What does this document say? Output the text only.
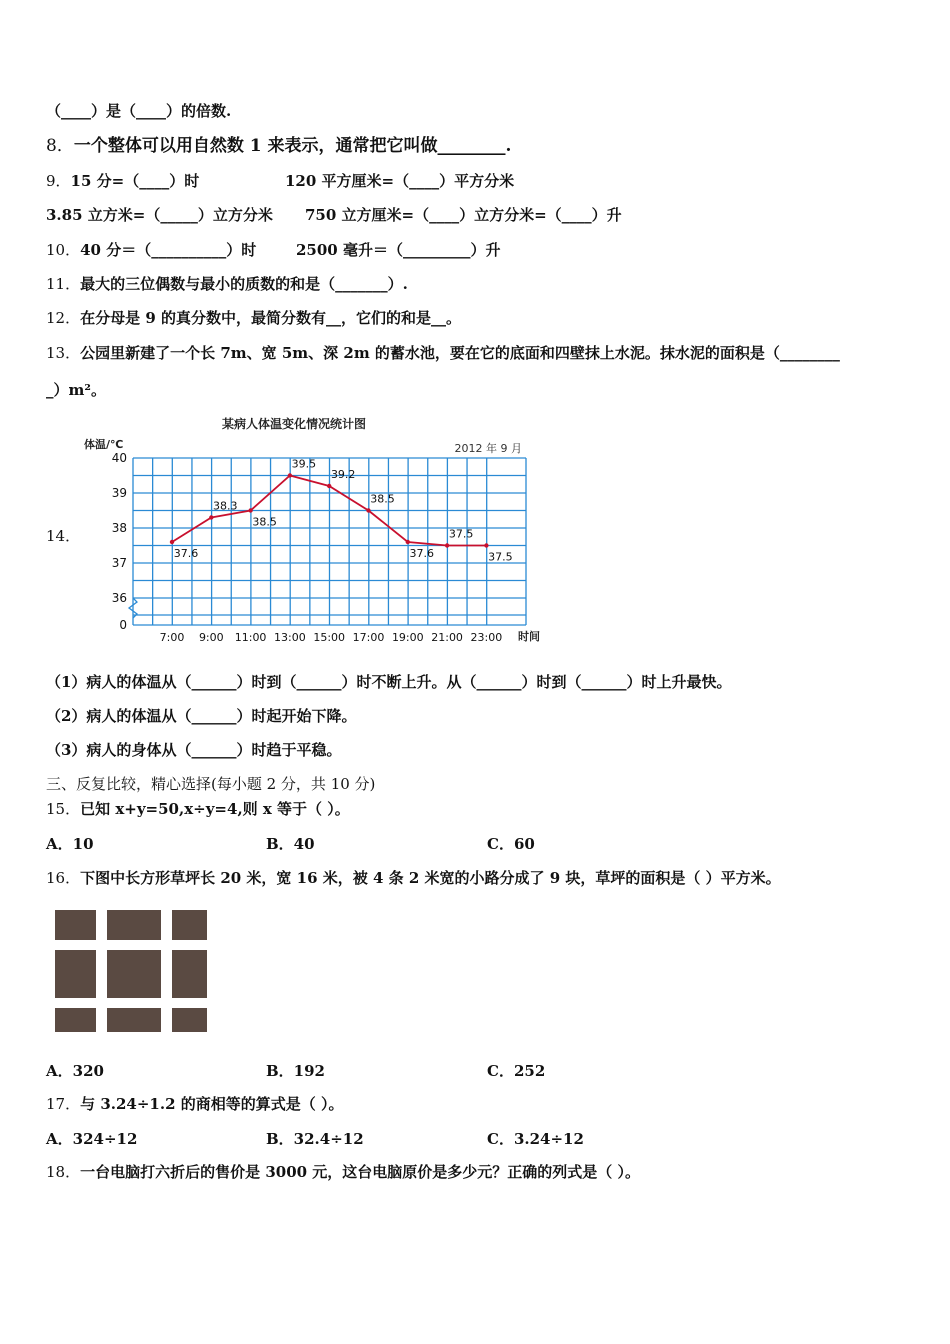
（____）是（____）的倍数.
8．一个整体可以用自然数 1 来表示，通常把它叫做________.
9．15 分=（____）时	120 平方厘米=（____）平方分米
3.85 立方米=（_____）立方分米 750 立方厘米=（____）立方分米=（____）升
10．40 分＝（__________）时	2500 毫升＝（_________）升
11．最大的三位偶数与最小的质数的和是（_______）.
12．在分母是 9 的真分数中，最简分数有__，它们的和是__。
13．公园里新建了一个长 7m、宽 5m、深 2m 的蓄水池，要在它的底面和四壁抹上水泥。抹水泥的面积是（________
_）m²。
14．
某病人体温变化情况统计图
2012 年 9 月
体温/℃
时间
40
39
38
37
36
0
7:00 9:00 11:00 13:00 15:00 17:00 19:00 21:00 23:00
37.6
38.3
38.5
39.5
39.2
38.5
37.6
37.5
37.5
（1）病人的体温从（______）时到（______）时不断上升。从（______）时到（______）时上升最快。
（2）病人的体温从（______）时起开始下降。
（3）病人的身体从（______）时趋于平稳。
三、反复比较，精心选择(每小题 2 分，共 10 分)
15．已知 x+y=50,x÷y=4,则 x 等于（ ）。
A．10	B．40	C．60
16．下图中长方形草坪长 20 米，宽 16 米，被 4 条 2 米宽的小路分成了 9 块，草坪的面积是（ ）平方米。
A．320	B．192	C．252
17．与 3.24÷1.2 的商相等的算式是（ ）。
A．324÷12	B．32.4÷12	C．3.24÷12
18．一台电脑打六折后的售价是 3000 元，这台电脑原价是多少元？正确的列式是（ ）。
